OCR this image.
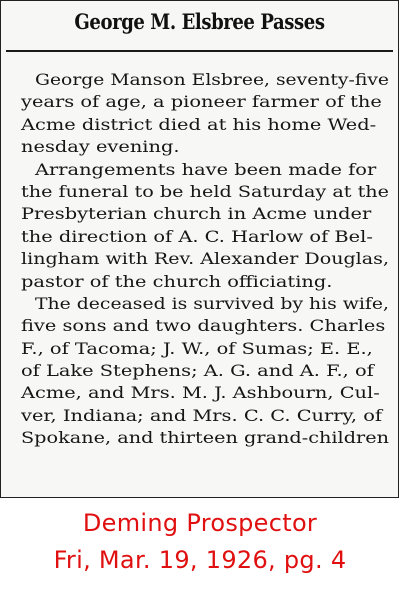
George M. Elsbree Passes
George Manson Elsbree, seventy-five
years of age, a pioneer farmer of the
Acme district died at his home Wed-
nesday evening.
Arrangements have been made for
the funeral to be held Saturday at the
Presbyterian church in Acme under
the direction of A. C. Harlow of Bel-
lingham with Rev. Alexander Douglas,
pastor of the church officiating.
The deceased is survived by his wife,
five sons and two daughters. Charles
F., of Tacoma; J. W., of Sumas; E. E.,
of Lake Stephens; A. G. and A. F., of
Acme, and Mrs. M. J. Ashbourn, Cul-
ver, Indiana; and Mrs. C. C. Curry, of
Spokane, and thirteen grand-children
Deming Prospector
Fri, Mar. 19, 1926, pg. 4
